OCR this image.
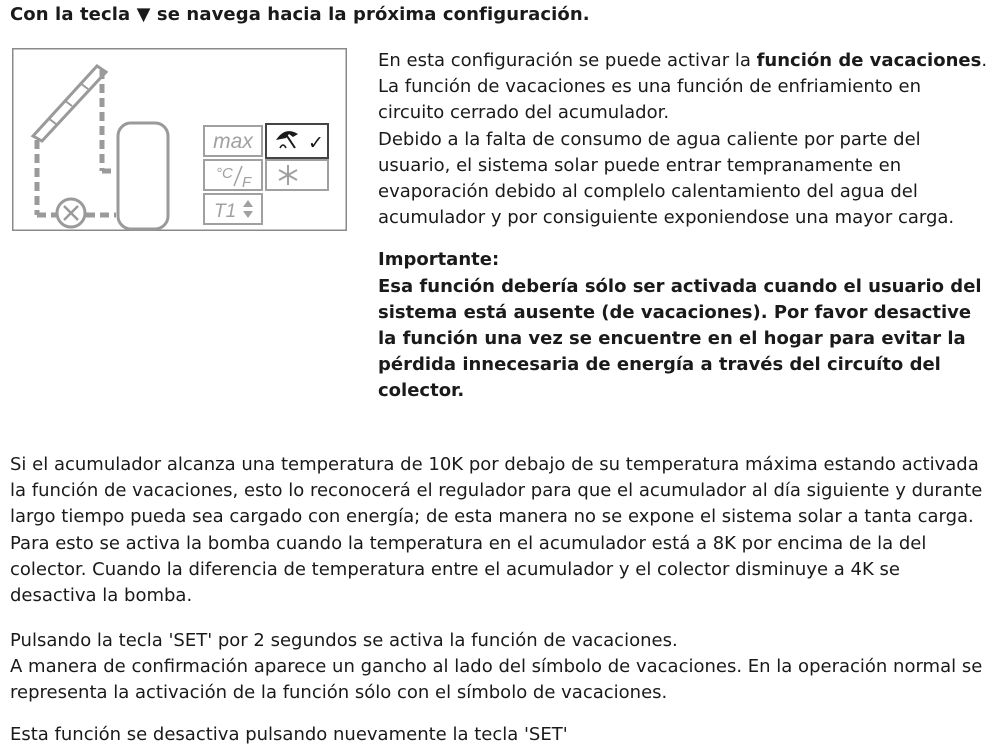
Con la tecla ▼ se navega hacia la próxima configuración.
max	✓
°C
F
T1

En esta configuración se puede activar la función de vacaciones. La función de vacaciones es una función de enfriamiento en circuito cerrado del acumulador.
Debido a la falta de consumo de agua caliente por parte del usuario, el sistema solar puede entrar tempranamente en evaporación debido al complelo calentamiento del agua del acumulador y por consiguiente exponiendose una mayor carga.

Importante:
Esa función debería sólo ser activada cuando el usuario del sistema está ausente (de vacaciones). Por favor desactive la función una vez se encuentre en el hogar para evitar la pérdida innecesaria de energía a través del circuíto del colector.

Si el acumulador alcanza una temperatura de 10K por debajo de su temperatura máxima estando activada la función de vacaciones, esto lo reconocerá el regulador para que el acumulador al día siguiente y durante largo tiempo pueda sea cargado con energía; de esta manera no se expone el sistema solar a tanta carga. Para esto se activa la bomba cuando la temperatura en el acumulador está a 8K por encima de la del colector. Cuando la diferencia de temperatura entre el acumulador y el colector disminuye a 4K se desactiva la bomba.

Pulsando la tecla 'SET' por 2 segundos se activa la función de vacaciones.
A manera de confirmación aparece un gancho al lado del símbolo de vacaciones. En la operación normal se representa la activación de la función sólo con el símbolo de vacaciones.

Esta función se desactiva pulsando nuevamente la tecla 'SET'
